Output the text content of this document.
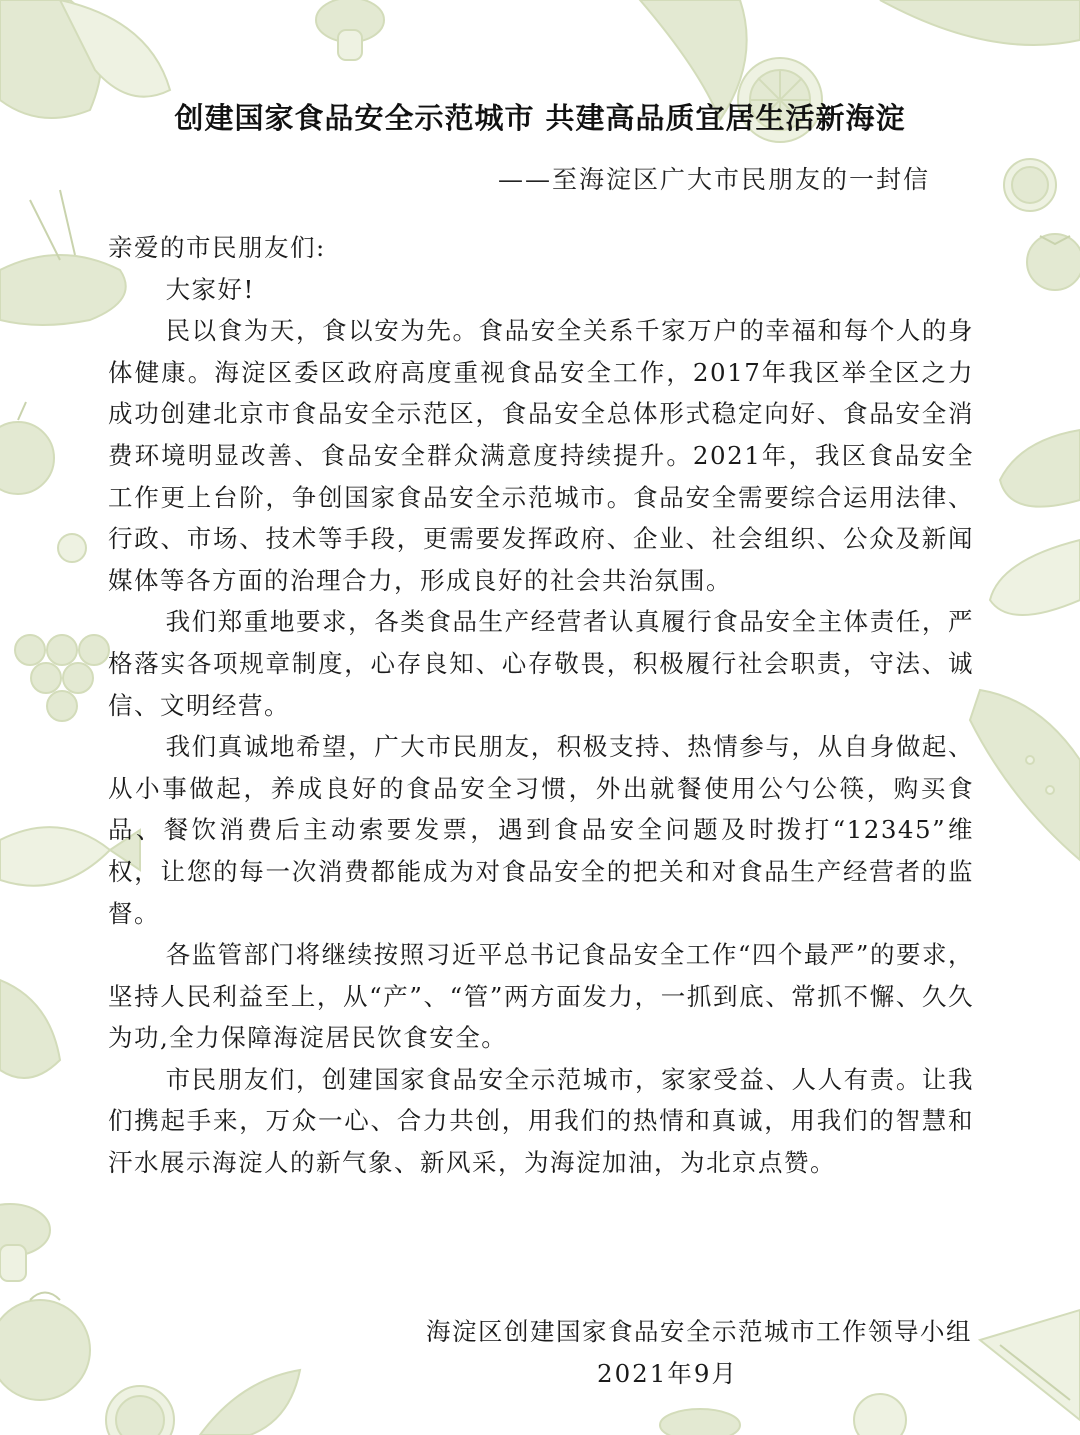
创建国家食品安全示范城市 共建高品质宜居生活新海淀
——至海淀区广大市民朋友的一封信

亲爱的市民朋友们:

大家好!

民以食为天，食以安为先。食品安全关系千家万户的幸福和每个人的身体健康。海淀区委区政府高度重视食品安全工作，2017年我区举全区之力成功创建北京市食品安全示范区，食品安全总体形式稳定向好、食品安全消费环境明显改善、食品安全群众满意度持续提升。2021年，我区食品安全工作更上台阶，争创国家食品安全示范城市。食品安全需要综合运用法律、行政、市场、技术等手段，更需要发挥政府、企业、社会组织、公众及新闻媒体等各方面的治理合力，形成良好的社会共治氛围。

我们郑重地要求，各类食品生产经营者认真履行食品安全主体责任，严格落实各项规章制度，心存良知、心存敬畏，积极履行社会职责，守法、诚信、文明经营。

我们真诚地希望，广大市民朋友，积极支持、热情参与，从自身做起、从小事做起，养成良好的食品安全习惯，外出就餐使用公勺公筷，购买食品、餐饮消费后主动索要发票，遇到食品安全问题及时拨打“12345”维权，让您的每一次消费都能成为对食品安全的把关和对食品生产经营者的监督。

各监管部门将继续按照习近平总书记食品安全工作“四个最严”的要求，坚持人民利益至上，从“产”、“管”两方面发力，一抓到底、常抓不懈、久久为功,全力保障海淀居民饮食安全。

市民朋友们，创建国家食品安全示范城市，家家受益、人人有责。让我们携起手来，万众一心、合力共创，用我们的热情和真诚，用我们的智慧和汗水展示海淀人的新气象、新风采，为海淀加油，为北京点赞。

海淀区创建国家食品安全示范城市工作领导小组
2021年9月
